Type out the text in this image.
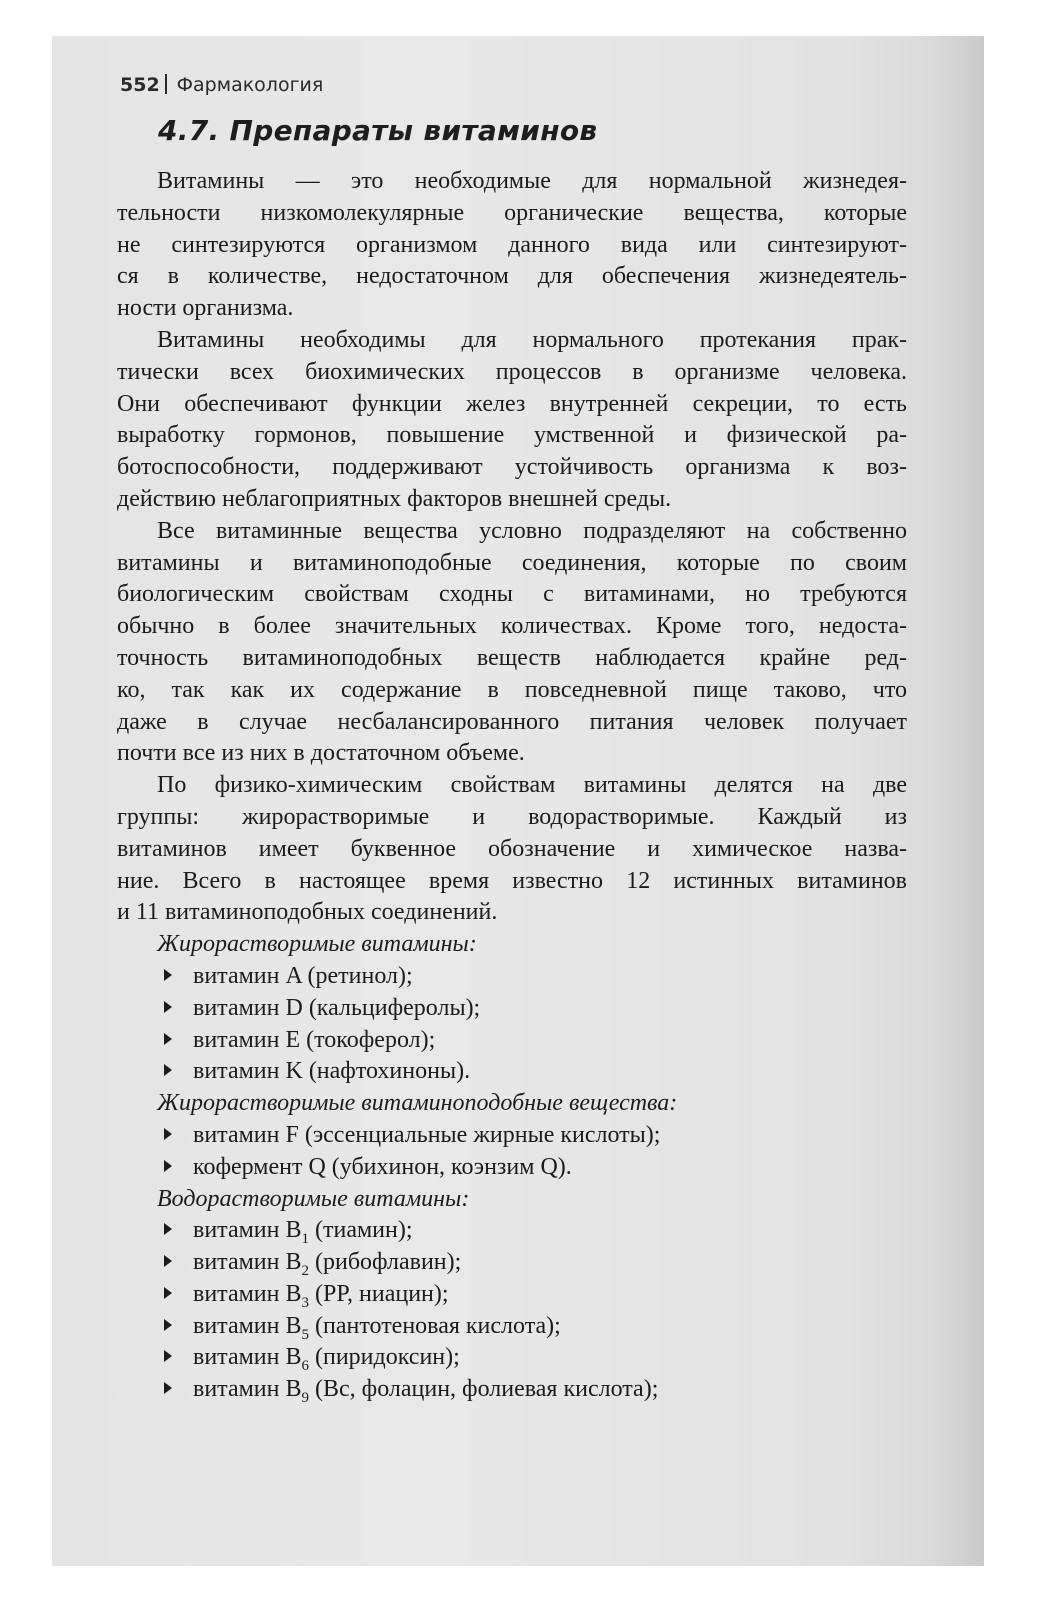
552 Фармакология
4.7. Препараты витаминов
Витамины — это необходимые для нормальной жизнедея-
тельности низкомолекулярные органические вещества, которые
не синтезируются организмом данного вида или синтезируют-
ся в количестве, недостаточном для обеспечения жизнедеятель-
ности организма.
Витамины необходимы для нормального протекания прак-
тически всех биохимических процессов в организме человека.
Они обеспечивают функции желез внутренней секреции, то есть
выработку гормонов, повышение умственной и физической ра-
ботоспособности, поддерживают устойчивость организма к воз-
действию неблагоприятных факторов внешней среды.
Все витаминные вещества условно подразделяют на собственно
витамины и витаминоподобные соединения, которые по своим
биологическим свойствам сходны с витаминами, но требуются
обычно в более значительных количествах. Кроме того, недоста-
точность витаминоподобных веществ наблюдается крайне ред-
ко, так как их содержание в повседневной пище таково, что
даже в случае несбалансированного питания человек получает
почти все из них в достаточном объеме.
По физико-химическим свойствам витамины делятся на две
группы: жирорастворимые и водорастворимые. Каждый из
витаминов имеет буквенное обозначение и химическое назва-
ние. Всего в настоящее время известно 12 истинных витаминов
и 11 витаминоподобных соединений.
Жирорастворимые витамины:
витамин A (ретинол);
витамин D (кальциферолы);
витамин E (токоферол);
витамин K (нафтохиноны).
Жирорастворимые витаминоподобные вещества:
витамин F (эссенциальные жирные кислоты);
кофермент Q (убихинон, коэнзим Q).
Водорастворимые витамины:
витамин $B_1$ (тиамин);
витамин $B_2$ (рибофлавин);
витамин $B_3$ (PP, ниацин);
витамин $B_5$ (пантотеновая кислота);
витамин $B_6$ (пиридоксин);
витамин $B_9$ (Bc, фолацин, фолиевая кислота);
